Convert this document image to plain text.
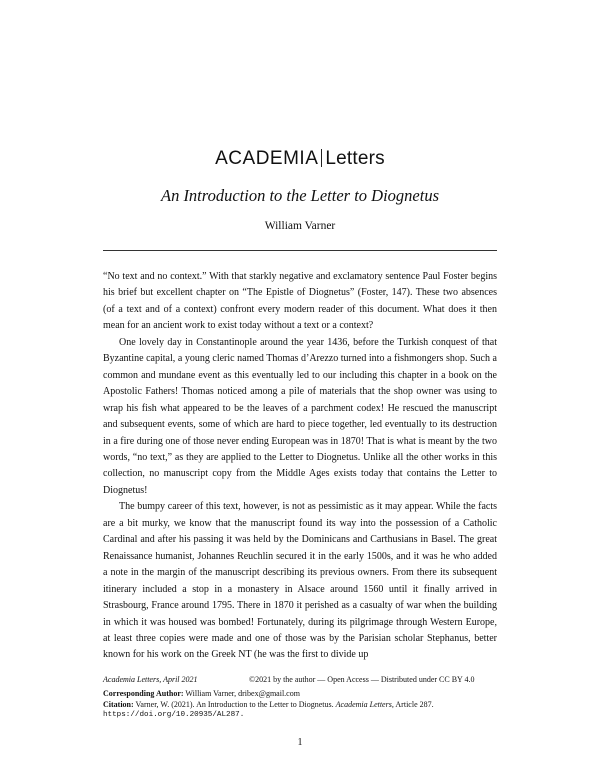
ACADEMIA Letters
An Introduction to the Letter to Diognetus
William Varner

“No text and no context.” With that starkly negative and exclamatory sentence Paul Foster begins his brief but excellent chapter on “The Epistle of Diognetus” (Foster, 147). These two absences (of a text and of a context) confront every modern reader of this document. What does it then mean for an ancient work to exist today without a text or a context?

One lovely day in Constantinople around the year 1436, before the Turkish conquest of that Byzantine capital, a young cleric named Thomas d’Arezzo turned into a fishmongers shop. Such a common and mundane event as this eventually led to our including this chapter in a book on the Apostolic Fathers! Thomas noticed among a pile of materials that the shop owner was using to wrap his fish what appeared to be the leaves of a parchment codex! He rescued the manuscript and subsequent events, some of which are hard to piece together, led eventually to its destruction in a fire during one of those never ending European was in 1870! That is what is meant by the two words, “no text,” as they are applied to the Letter to Diognetus. Unlike all the other works in this collection, no manuscript copy from the Middle Ages exists today that contains the Letter to Diognetus!

The bumpy career of this text, however, is not as pessimistic as it may appear. While the facts are a bit murky, we know that the manuscript found its way into the possession of a Catholic Cardinal and after his passing it was held by the Dominicans and Carthusians in Basel. The great Renaissance humanist, Johannes Reuchlin secured it in the early 1500s, and it was he who added a note in the margin of the manuscript describing its previous owners. From there its subsequent itinerary included a stop in a monastery in Alsace around 1560 until it finally arrived in Strasbourg, France around 1795. There in 1870 it perished as a casualty of war when the building in which it was housed was bombed! Fortunately, during its pilgrimage through Western Europe, at least three copies were made and one of those was by the Parisian scholar Stephanus, better known for his work on the Greek NT (he was the first to divide up

Academia Letters, April 2021	©2021 by the author — Open Access — Distributed under CC BY 4.0
Corresponding Author: William Varner, dribex@gmail.com
Citation: Varner, W. (2021). An Introduction to the Letter to Diognetus. Academia Letters, Article 287.
https://doi.org/10.20935/AL287.
1
